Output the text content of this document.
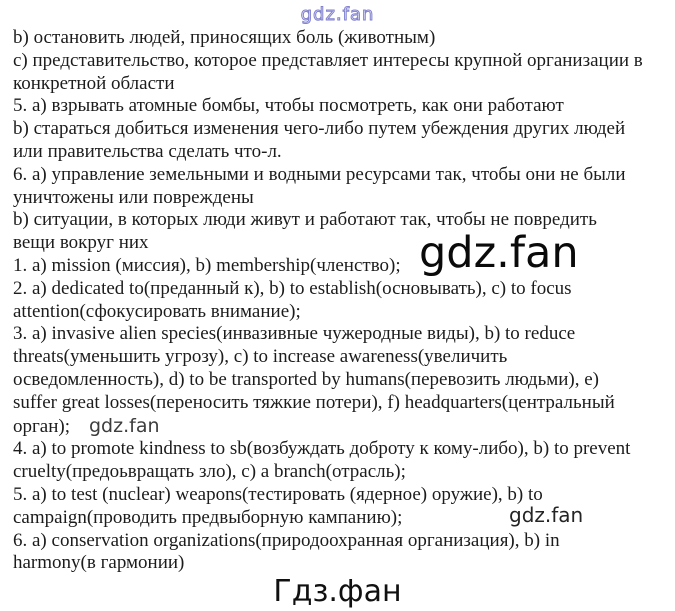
gdz.fan
b) остановить людей, приносящих боль (животным)
c) представительство, которое представляет интересы крупной организации в
конкретной области
5. a) взрывать атомные бомбы, чтобы посмотреть, как они работают
b) стараться добиться изменения чего-либо путем убеждения других людей
или правительства сделать что-л.
6. a) управление земельными и водными ресурсами так, чтобы они не были
уничтожены или повреждены
b) ситуации, в которых люди живут и работают так, чтобы не повредить
вещи вокруг них
1. a) mission (миссия), b) membership(членство);
2. a) dedicated to(преданный к), b) to establish(основывать), c) to focus
attention(сфокусировать внимание);
3. a) invasive alien species(инвазивные чужеродные виды), b) to reduce
threats(уменьшить угрозу), c) to increase awareness(увеличить
осведомленность), d) to be transported by humans(перевозить людьми), e)
suffer great losses(переносить тяжкие потери), f) headquarters(центральный
орган); gdz.fan
4. a) to promote kindness to sb(возбуждать доброту к кому-либо), b) to prevent
cruelty(предоьвращать зло), c) a branch(отрасль);
5. a) to test (nuclear) weapons(тестировать (ядерное) оружие), b) to
campaign(проводить предвыборную кампанию);
6. a) conservation organizations(природоохранная организация), b) in
harmony(в гармонии)
gdz.fan
gdz.fan
Гдз.фан
